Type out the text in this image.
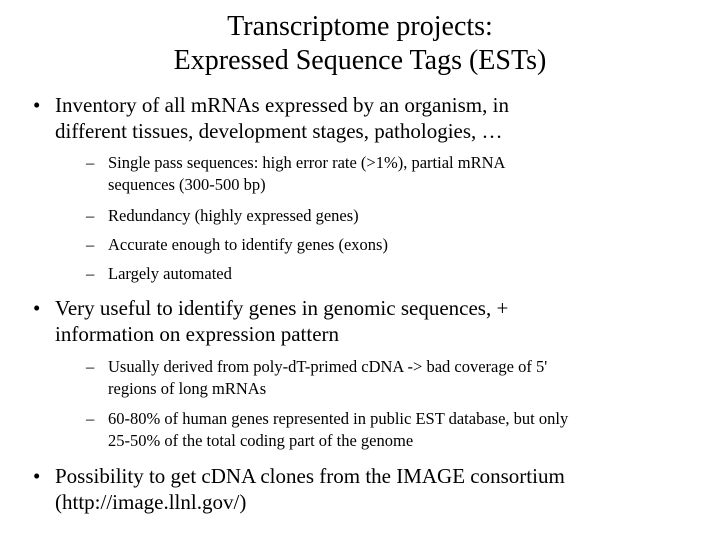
Transcriptome projects:
Expressed Sequence Tags (ESTs)
• Inventory of all mRNAs expressed by an organism, in
different tissues, development stages, pathologies, …
– Single pass sequences: high error rate (>1%), partial mRNA
sequences (300-500 bp)
– Redundancy (highly expressed genes)
– Accurate enough to identify genes (exons)
– Largely automated
• Very useful to identify genes in genomic sequences, +
information on expression pattern
– Usually derived from poly-dT-primed cDNA -> bad coverage of 5'
regions of long mRNAs
– 60-80% of human genes represented in public EST database, but only
25-50% of the total coding part of the genome
• Possibility to get cDNA clones from the IMAGE consortium
(http://image.llnl.gov/)
